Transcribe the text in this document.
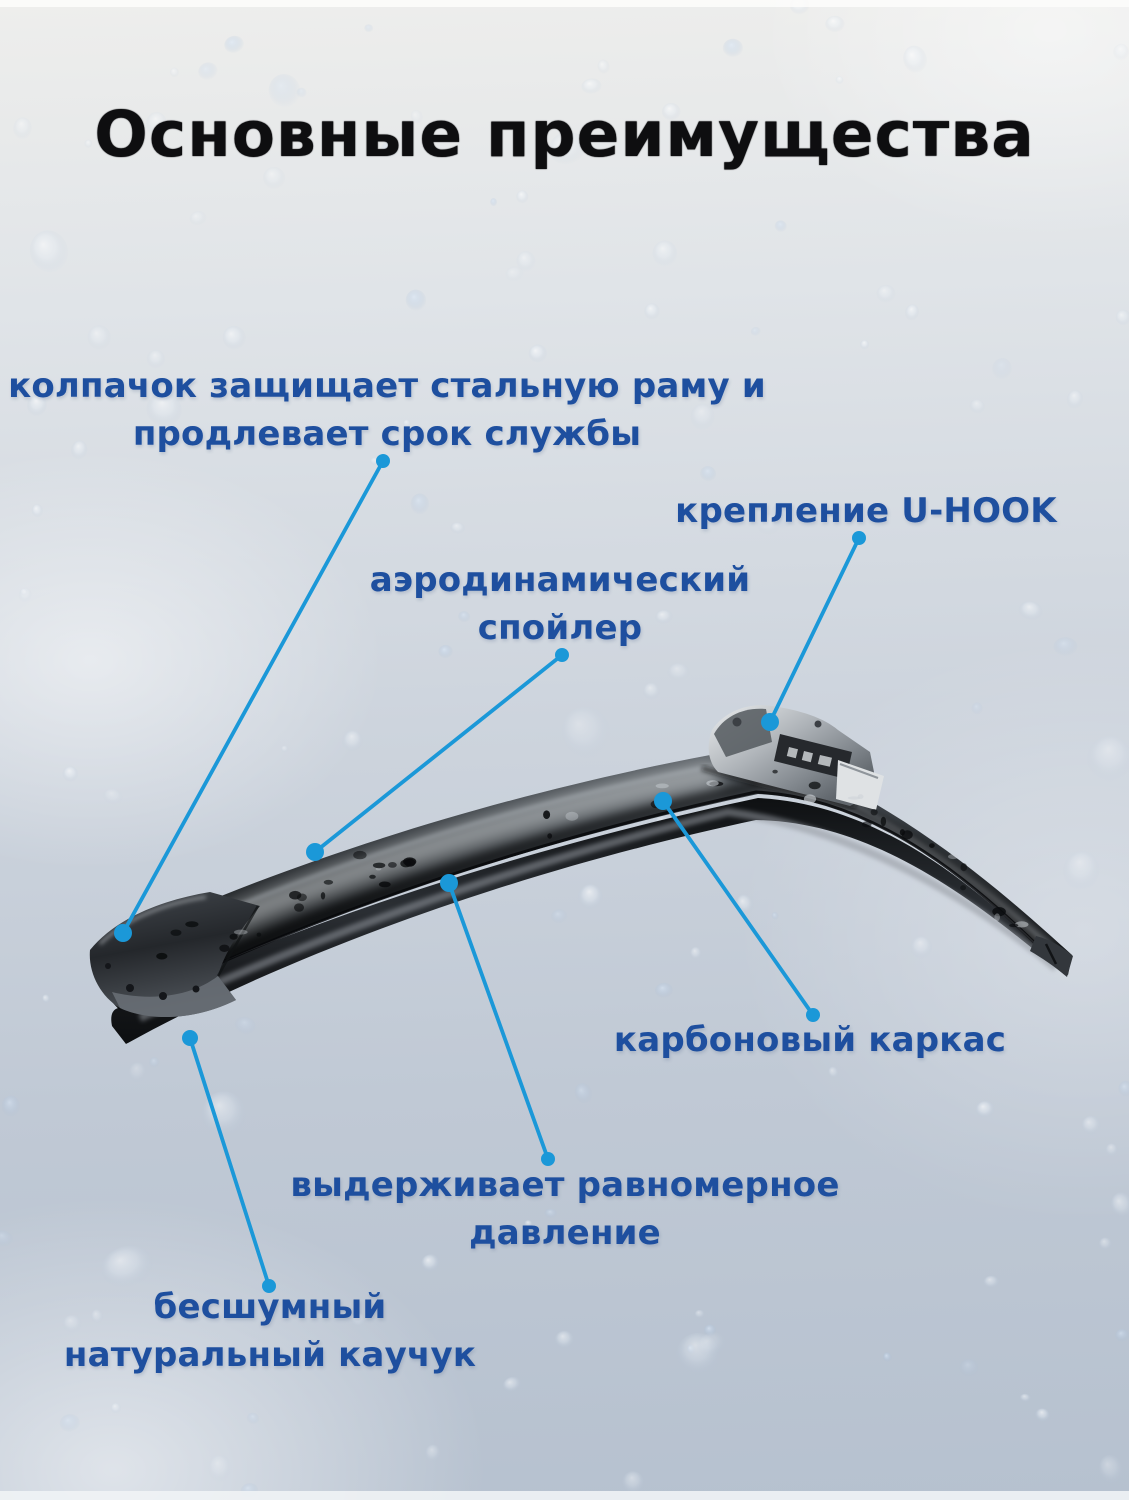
Основные преимущества
колпачок защищает стальную раму и
продлевает срок службы
крепление U-HOOK
аэродинамический
спойлер
карбоновый каркас
выдерживает равномерное
давление
бесшумный
натуральный каучук
